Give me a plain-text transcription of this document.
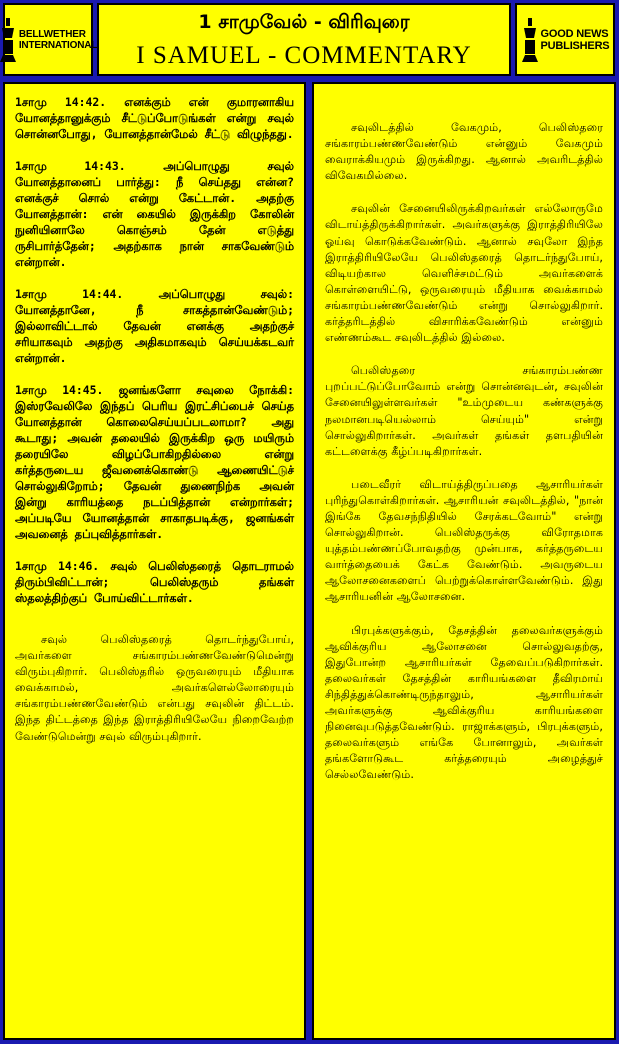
BELLWETHER
INTERNATIONAL
1 சாமுவேல் - விரிவுரை
I SAMUEL - COMMENTARY
GOOD NEWS
PUBLISHERS

1சாமு 14:42. எனக்கும் என் குமாரனாகிய யோனத்தானுக்கும் சீட்டுப்போடுங்கள் என்று சவுல் சொன்னபோது, யோனத்தான்மேல் சீட்டு விழுந்தது.

1சாமு 14:43. அப்பொழுது சவுல் யோனத்தானைப் பார்த்து: நீ செய்தது என்ன? எனக்குச் சொல் என்று கேட்டான். அதற்கு யோனத்தான்: என் கையில் இருக்கிற கோலின் நுனியினாலே கொஞ்சம் தேன் எடுத்து ருசிபார்த்தேன்; அதற்காக நான் சாகவேண்டும் என்றான்.

1சாமு 14:44. அப்பொழுது சவுல்: யோனத்தானே, நீ சாகத்தான்வேண்டும்; இல்லாவிட்டால் தேவன் எனக்கு அதற்குச் சரியாகவும் அதற்கு அதிகமாகவும் செய்யக்கடவர் என்றான்.

1சாமு 14:45. ஜனங்களோ சவுலை நோக்கி: இஸ்ரவேலிலே இந்தப் பெரிய இரட்சிப்பைச் செய்த யோனத்தான் கொலைசெய்யப்படலாமா? அது கூடாது; அவன் தலையில் இருக்கிற ஒரு மயிரும் தரையிலே விழப்போகிறதில்லை என்று கர்த்தருடைய ஜீவனைக்கொண்டு ஆணையிட்டுச் சொல்லுகிறோம்; தேவன் துணைநிற்க அவன் இன்று காரியத்தை நடப்பித்தான் என்றார்கள்; அப்படியே யோனத்தான் சாகாதபடிக்கு, ஜனங்கள் அவனைத் தப்புவித்தார்கள்.

1சாமு 14:46. சவுல் பெலிஸ்தரைத் தொடராமல் திரும்பிவிட்டான்; பெலிஸ்தரும் தங்கள் ஸ்தலத்திற்குப் போய்விட்டார்கள்.

சவுல் பெலிஸ்தரைத் தொடர்ந்துபோய், அவர்களை சங்காரம்பண்ணவேண்டுமென்று விரும்புகிறார். பெலிஸ்தரில் ஒருவரையும் மீதியாக வைக்காமல், அவர்களெல்லோரையும் சங்காரம்பண்ணவேண்டும் என்பது சவுலின் திட்டம். இந்த திட்டத்தை இந்த இராத்திரியிலேயே நிறைவேற்ற வேண்டுமென்று சவுல் விரும்புகிறார்.

சவுலிடத்தில் வேகமும், பெலிஸ்தரை சங்காரம்பண்ணவேண்டும் என்னும் வேகமும் வைராக்கியமும் இருக்கிறது. ஆனால் அவரிடத்தில் விவேகமில்லை.

சவுலின் சேனையிலிருக்கிறவர்கள் எல்லோருமே விடாய்த்திருக்கிறார்கள். அவர்களுக்கு இராத்திரியிலே ஓய்வு கொடுக்கவேண்டும். ஆனால் சவுலோ இந்த இராத்திரியிலேயே பெலிஸ்தரைத் தொடர்ந்துபோய், விடியற்கால வெளிச்சமட்டும் அவர்களைக் கொள்ளையிட்டு, ஒருவரையும் மீதியாக வைக்காமல் சங்காரம்பண்ணவேண்டும் என்று சொல்லுகிறார். கர்த்தரிடத்தில் விசாரிக்கவேண்டும் என்னும் எண்ணம்கூட சவுலிடத்தில் இல்லை.

பெலிஸ்தரை சங்காரம்பண்ண புறப்பட்டுப்போவோம் என்று சொன்னவுடன், சவுலின் சேனையிலுள்ளவர்கள் "உம்முடைய கண்களுக்கு நலமானபடியெல்லாம் செய்யும்" என்று சொல்லுகிறார்கள். அவர்கள் தங்கள் தளபதியின் கட்டளைக்கு கீழ்ப்படிகிறார்கள்.

படைவீரர் விடாய்த்திருப்பதை ஆசாரியர்கள் புரிந்துகொள்கிறார்கள். ஆசாரியன் சவுலிடத்தில், "நான் இங்கே தேவசந்நிதியில் சேரக்கடவோம்" என்று சொல்லுகிறான். பெலிஸ்தருக்கு விரோதமாக யுத்தம்பண்ணப்போவதற்கு முன்பாக, கர்த்தருடைய வார்த்தையைக் கேட்க வேண்டும். அவருடைய ஆலோசனைகளைப் பெற்றுக்கொள்ளவேண்டும். இது ஆசாரியனின் ஆலோசனை.

பிரபுக்களுக்கும், தேசத்தின் தலைவர்களுக்கும் ஆவிக்குரிய ஆலோசனை சொல்லுவதற்கு, இதுபோன்ற ஆசாரியர்கள் தேவைப்படுகிறார்கள். தலைவர்கள் தேசத்தின் காரியங்களை தீவிரமாய் சிந்தித்துக்கொண்டிருந்தாலும், ஆசாரியர்கள் அவர்களுக்கு ஆவிக்குரிய காரியங்களை நினைவுபடுத்தவேண்டும். ராஜாக்களும், பிரபுக்களும், தலைவர்களும் எங்கே போனாலும், அவர்கள் தங்களோடுகூட கர்த்தரையும் அழைத்துச் செல்லவேண்டும்.
